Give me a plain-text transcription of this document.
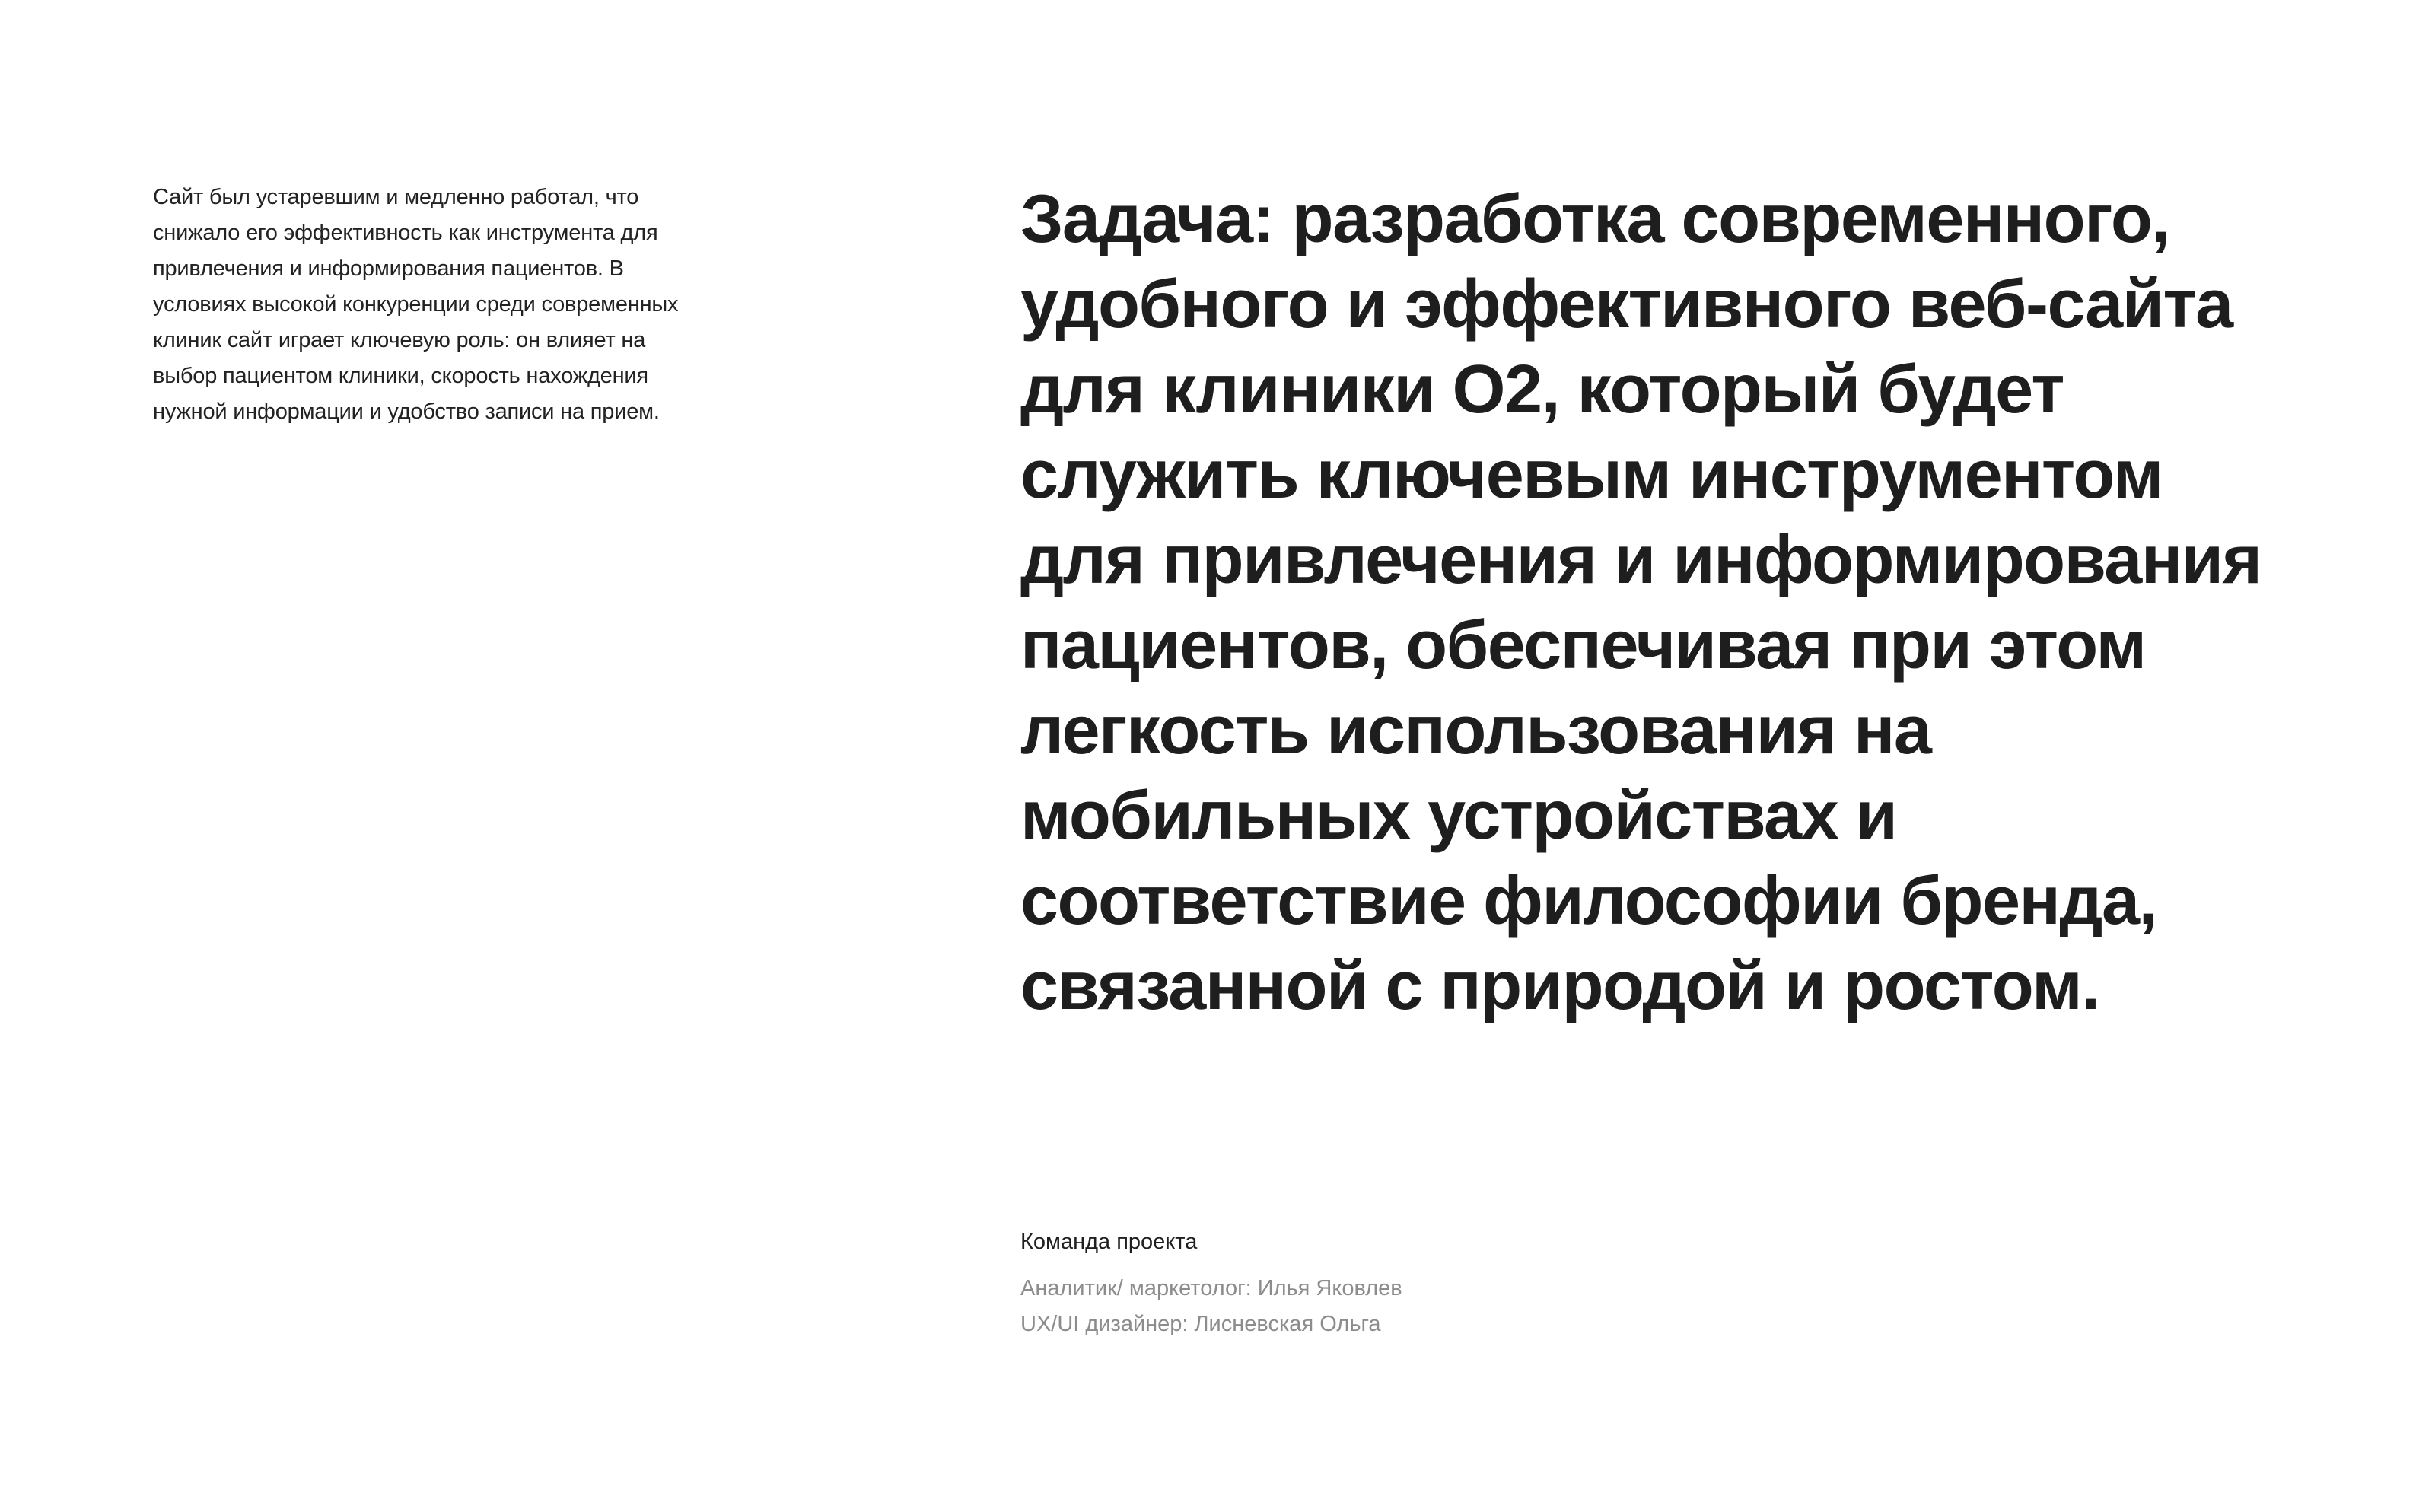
Сайт был устаревшим и медленно работал, что снижало его эффективность как инструмента для привлечения и информирования пациентов. В условиях высокой конкуренции среди современных клиник сайт играет ключевую роль: он влияет на выбор пациентом клиники, скорость нахождения нужной информации и удобство записи на прием.

Задача: разработка современного,
удобного и эффективного веб-сайта
для клиники О2, который будет
служить ключевым инструментом
для привлечения и информирования
пациентов, обеспечивая при этом
легкость использования на
мобильных устройствах и
соответствие философии бренда,
связанной с природой и ростом.

Команда проекта

Аналитик/ маркетолог: Илья Яковлев

UX/UI дизайнер: Лисневская Ольга
